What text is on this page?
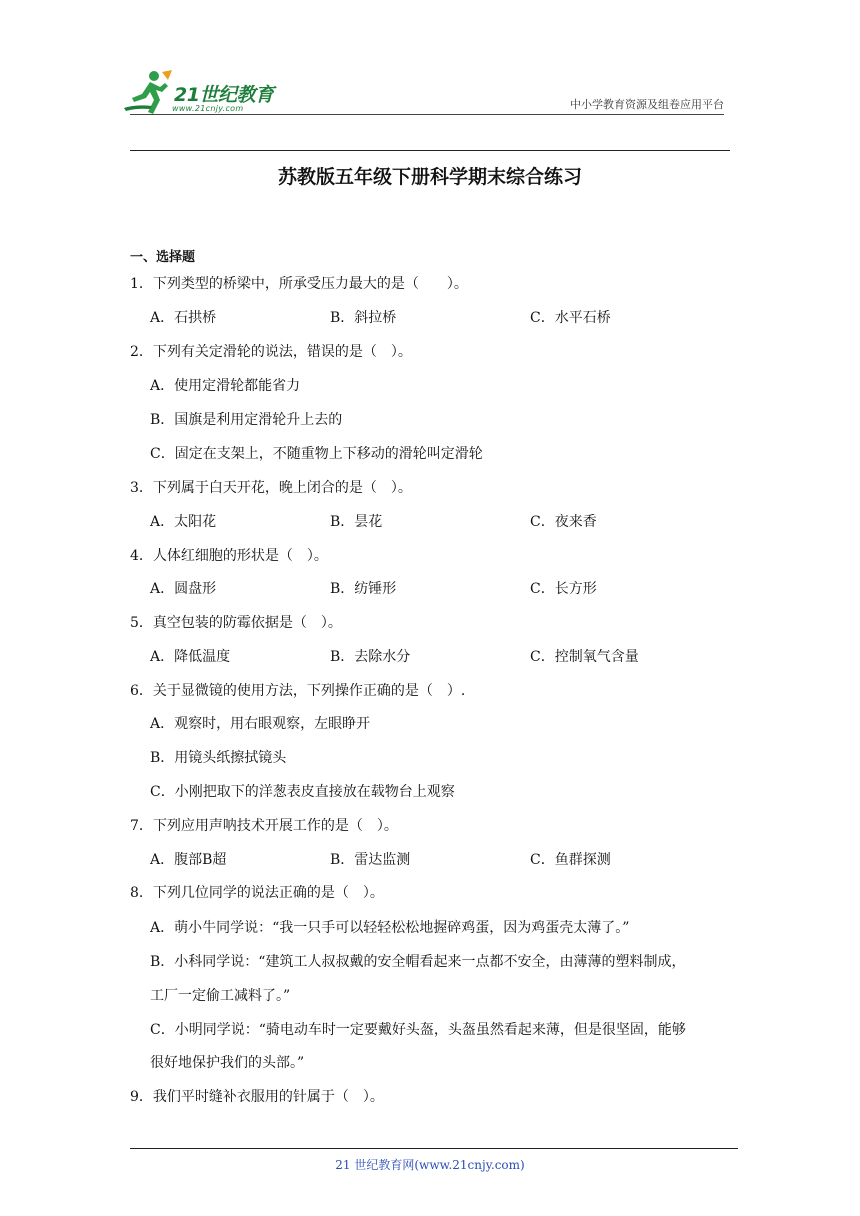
21世纪教育
www.21cnjy.com	中小学教育资源及组卷应用平台
苏教版五年级下册科学期末综合练习
一、选择题
1．下列类型的桥梁中，所承受压力最大的是（　　）。
A．石拱桥	B．斜拉桥	C．水平石桥
2．下列有关定滑轮的说法，错误的是（　）。
A．使用定滑轮都能省力
B．国旗是利用定滑轮升上去的
C．固定在支架上，不随重物上下移动的滑轮叫定滑轮
3．下列属于白天开花，晚上闭合的是（　）。
A．太阳花	B．昙花	C．夜来香
4．人体红细胞的形状是（　）。
A．圆盘形	B．纺锤形	C．长方形
5．真空包装的防霉依据是（　）。
A．降低温度	B．去除水分	C．控制氧气含量
6．关于显微镜的使用方法，下列操作正确的是（　）.
A．观察时，用右眼观察，左眼睁开
B．用镜头纸擦拭镜头
C．小刚把取下的洋葱表皮直接放在载物台上观察
7．下列应用声呐技术开展工作的是（　）。
A．腹部B超	B．雷达监测	C．鱼群探测
8．下列几位同学的说法正确的是（　）。
A．萌小牛同学说：“我一只手可以轻轻松松地握碎鸡蛋，因为鸡蛋壳太薄了。”
B．小科同学说：“建筑工人叔叔戴的安全帽看起来一点都不安全，由薄薄的塑料制成，
工厂一定偷工减料了。”
C．小明同学说：“骑电动车时一定要戴好头盔，头盔虽然看起来薄，但是很坚固，能够
很好地保护我们的头部。”
9．我们平时缝补衣服用的针属于（　）。
21 世纪教育网(www.21cnjy.com)
